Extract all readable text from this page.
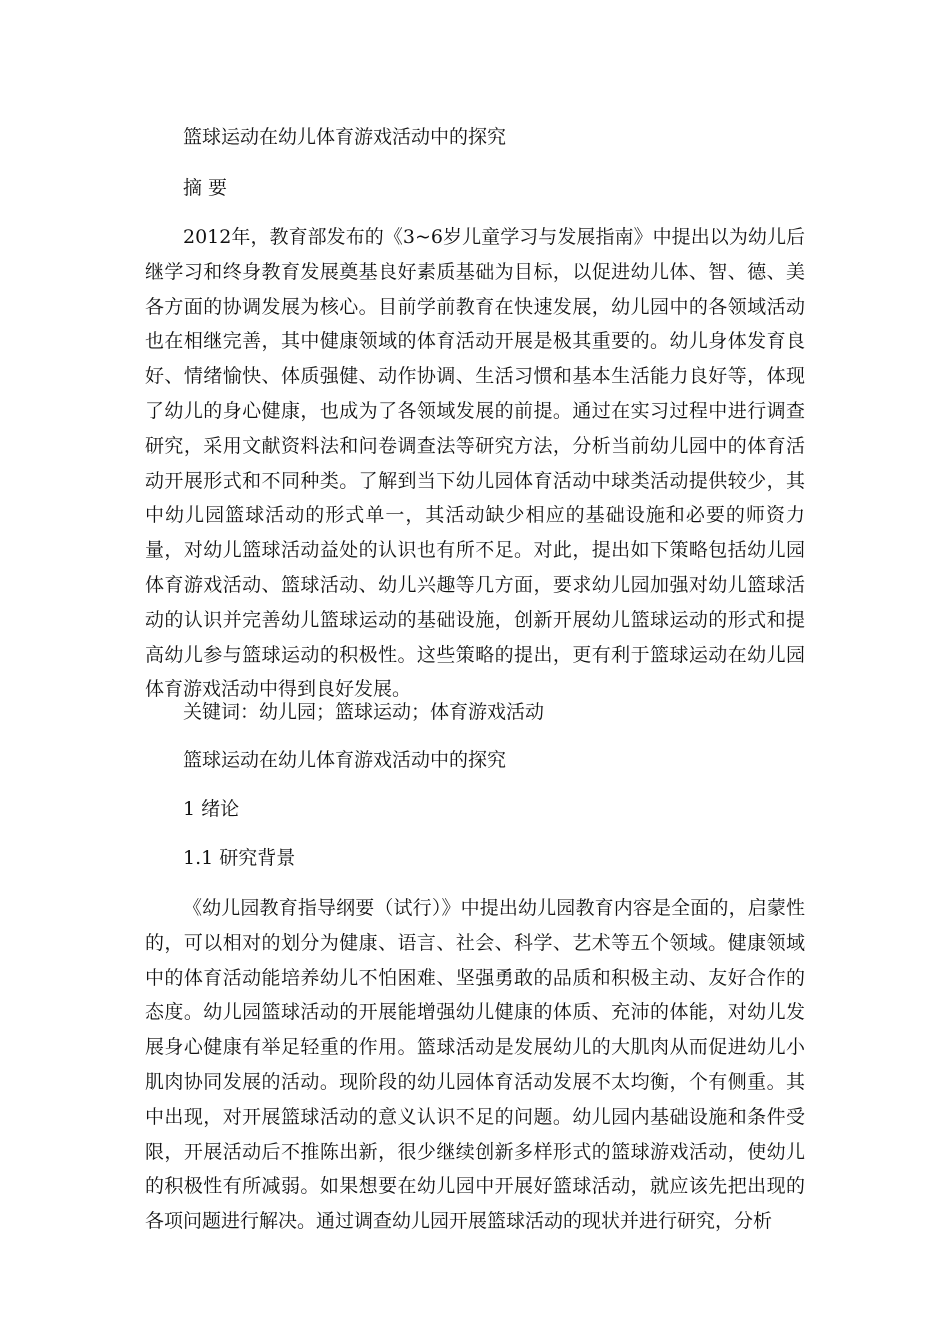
篮球运动在幼儿体育游戏活动中的探究
摘 要

2012年，教育部发布的《3~6岁儿童学习与发展指南》中提出以为幼儿后继学习和终身教育发展奠基良好素质基础为目标，以促进幼儿体、智、德、美各方面的协调发展为核心。目前学前教育在快速发展，幼儿园中的各领域活动也在相继完善，其中健康领域的体育活动开展是极其重要的。幼儿身体发育良好、情绪愉快、体质强健、动作协调、生活习惯和基本生活能力良好等，体现了幼儿的身心健康，也成为了各领域发展的前提。通过在实习过程中进行调查研究，采用文献资料法和问卷调查法等研究方法，分析当前幼儿园中的体育活动开展形式和不同种类。了解到当下幼儿园体育活动中球类活动提供较少，其中幼儿园篮球活动的形式单一，其活动缺少相应的基础设施和必要的师资力量，对幼儿篮球活动益处的认识也有所不足。对此，提出如下策略包括幼儿园体育游戏活动、篮球活动、幼儿兴趣等几方面，要求幼儿园加强对幼儿篮球活动的认识并完善幼儿篮球运动的基础设施，创新开展幼儿篮球运动的形式和提高幼儿参与篮球运动的积极性。这些策略的提出，更有利于篮球运动在幼儿园体育游戏活动中得到良好发展。

关键词：幼儿园；篮球运动；体育游戏活动
篮球运动在幼儿体育游戏活动中的探究
1 绪论
1.1 研究背景

《幼儿园教育指导纲要（试行）》中提出幼儿园教育内容是全面的，启蒙性的，可以相对的划分为健康、语言、社会、科学、艺术等五个领域。健康领域中的体育活动能培养幼儿不怕困难、坚强勇敢的品质和积极主动、友好合作的态度。幼儿园篮球活动的开展能增强幼儿健康的体质、充沛的体能，对幼儿发展身心健康有举足轻重的作用。篮球活动是发展幼儿的大肌肉从而促进幼儿小肌肉协同发展的活动。现阶段的幼儿园体育活动发展不太均衡，个有侧重。其中出现，对开展篮球活动的意义认识不足的问题。幼儿园内基础设施和条件受限，开展活动后不推陈出新，很少继续创新多样形式的篮球游戏活动，使幼儿的积极性有所减弱。如果想要在幼儿园中开展好篮球活动，就应该先把出现的各项问题进行解决。通过调查幼儿园开展篮球活动的现状并进行研究，分析
